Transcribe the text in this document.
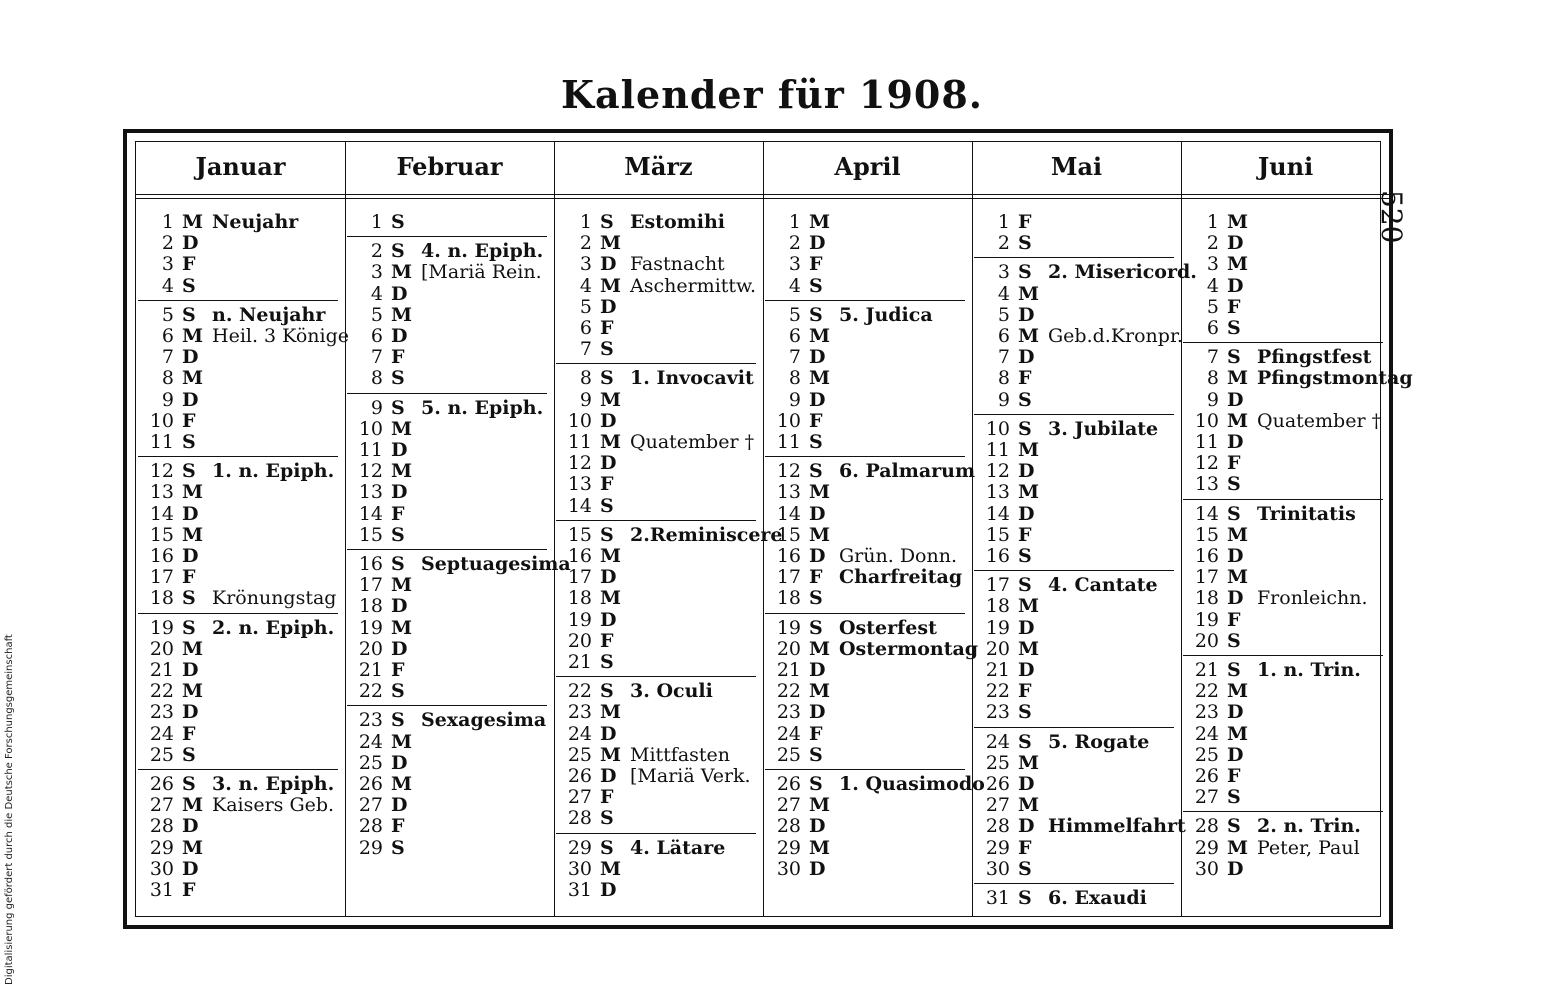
Kalender für 1908.
520
Digitalisierung gefördert durch die Deutsche Forschungsgemeinschaft
Januar
1 M Neujahr
2 D
3 F
4 S
5 S n. Neujahr
6 M Heil. 3 Könige
7 D
8 M
9 D
10 F
11 S
12 S 1. n. Epiph.
13 M
14 D
15 M
16 D
17 F
18 S Krönungstag
19 S 2. n. Epiph.
20 M
21 D
22 M
23 D
24 F
25 S
26 S 3. n. Epiph.
27 M Kaisers Geb.
28 D
29 M
30 D
31 F
Februar
1 S
2 S 4. n. Epiph.
3 M [Mariä Rein.
4 D
5 M
6 D
7 F
8 S
9 S 5. n. Epiph.
10 M
11 D
12 M
13 D
14 F
15 S
16 S Septuagesima
17 M
18 D
19 M
20 D
21 F
22 S
23 S Sexagesima
24 M
25 D
26 M
27 D
28 F
29 S
März
1 S Estomihi
2 M
3 D Fastnacht
4 M Aschermittw.
5 D
6 F
7 S
8 S 1. Invocavit
9 M
10 D
11 M Quatember †
12 D
13 F
14 S
15 S 2.Reminiscere
16 M
17 D
18 M
19 D
20 F
21 S
22 S 3. Oculi
23 M
24 D
25 M Mittfasten
26 D [Mariä Verk.
27 F
28 S
29 S 4. Lätare
30 M
31 D
April
1 M
2 D
3 F
4 S
5 S 5. Judica
6 M
7 D
8 M
9 D
10 F
11 S
12 S 6. Palmarum
13 M
14 D
15 M
16 D Grün. Donn.
17 F Charfreitag
18 S
19 S Osterfest
20 M Ostermontag
21 D
22 M
23 D
24 F
25 S
26 S 1. Quasimodo
27 M
28 D
29 M
30 D
Mai
1 F
2 S
3 S 2. Misericord.
4 M
5 D
6 M Geb.d.Kronpr.
7 D
8 F
9 S
10 S 3. Jubilate
11 M
12 D
13 M
14 D
15 F
16 S
17 S 4. Cantate
18 M
19 D
20 M
21 D
22 F
23 S
24 S 5. Rogate
25 M
26 D
27 M
28 D Himmelfahrt
29 F
30 S
31 S 6. Exaudi
Juni
1 M
2 D
3 M
4 D
5 F
6 S
7 S Pfingstfest
8 M Pfingstmontag
9 D
10 M Quatember †
11 D
12 F
13 S
14 S Trinitatis
15 M
16 D
17 M
18 D Fronleichn.
19 F
20 S
21 S 1. n. Trin.
22 M
23 D
24 M
25 D
26 F
27 S
28 S 2. n. Trin.
29 M Peter, Paul
30 D
